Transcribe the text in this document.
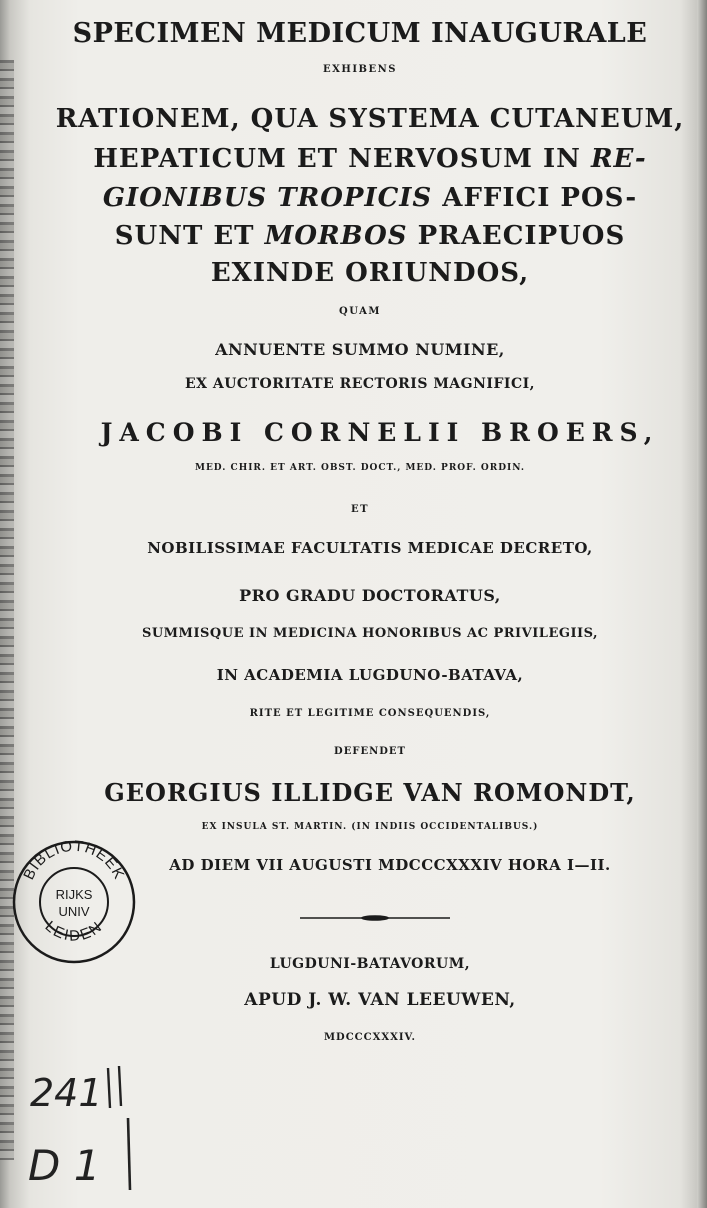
SPECIMEN MEDICUM INAUGURALE
EXHIBENS
RATIONEM, QUA SYSTEMA CUTANEUM,
HEPATICUM ET NERVOSUM IN RE-
GIONIBUS TROPICIS AFFICI POS-
SUNT ET MORBOS PRAECIPUOS
EXINDE ORIUNDOS,
QUAM
ANNUENTE SUMMO NUMINE,
EX AUCTORITATE RECTORIS MAGNIFICI,
JACOBI CORNELII BROERS,
MED. CHIR. ET ART. OBST. DOCT., MED. PROF. ORDIN.
ET
NOBILISSIMAE FACULTATIS MEDICAE DECRETO,
PRO GRADU DOCTORATUS,
SUMMISQUE IN MEDICINA HONORIBUS AC PRIVILEGIIS,
IN ACADEMIA LUGDUNO-BATAVA,
RITE ET LEGITIME CONSEQUENDIS,
DEFENDET
GEORGIUS ILLIDGE VAN ROMONDT,
EX INSULA ST. MARTIN. (IN INDIIS OCCIDENTALIBUS.)
AD DIEM VII AUGUSTI MDCCCXXXIV HORA I—II.
LUGDUNI-BATAVORUM,
APUD J. W. VAN LEEUWEN,
MDCCCXXXIV.
BIBLIOTHEEK
LEIDEN
RIJKS
UNIV
241
D 1
